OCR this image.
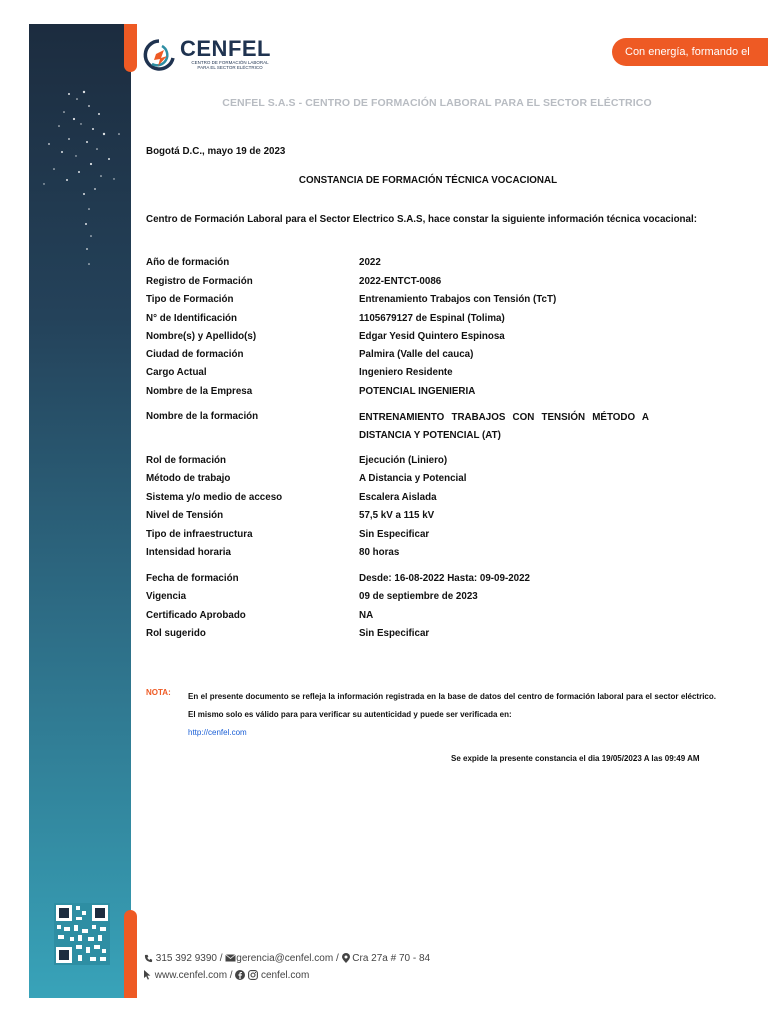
CENFEL
CENTRO DE FORMACIÓN LABORAL
PARA EL SECTOR ELÉCTRICO
Con energía, formando el futuro
CENFEL S.A.S - CENTRO DE FORMACIÓN LABORAL PARA EL SECTOR ELÉCTRICO
Bogotá D.C., mayo 19 de 2023
CONSTANCIA DE FORMACIÓN TÉCNICA VOCACIONAL
Centro de Formación Laboral para el Sector Electrico S.A.S, hace constar la siguiente información técnica vocacional:
Año de formación	2022
Registro de Formación	2022-ENTCT-0086
Tipo de Formación	Entrenamiento Trabajos con Tensión (TcT)
N° de Identificación	1105679127 de Espinal (Tolima)
Nombre(s) y Apellido(s)	Edgar Yesid Quintero Espinosa
Ciudad de formación	Palmira (Valle del cauca)
Cargo Actual	Ingeniero Residente
Nombre de la Empresa	POTENCIAL INGENIERIA
Nombre de la formación	ENTRENAMIENTO TRABAJOS CON TENSIÓN MÉTODO A DISTANCIA Y POTENCIAL (AT)
Rol de formación	Ejecución (Liniero)
Método de trabajo	A Distancia y Potencial
Sistema y/o medio de acceso	Escalera Aislada
Nivel de Tensión	57,5 kV a 115 kV
Tipo de infraestructura	Sin Especificar
Intensidad horaria	80 horas
Fecha de formación	Desde: 16-08-2022 Hasta: 09-09-2022
Vigencia	09 de septiembre de 2023
Certificado Aprobado	NA
Rol sugerido	Sin Especificar
NOTA: En el presente documento se refleja la información registrada en la base de datos del centro de formación laboral para el sector eléctrico. El mismo solo es válido para para verificar su autenticidad y puede ser verificada en:
http://cenfel.com
Se expide la presente constancia el dia 19/05/2023 A las 09:49 AM
315 392 9390 / gerencia@cenfel.com / Cra 27a # 70 - 84
www.cenfel.com /	cenfel.com
